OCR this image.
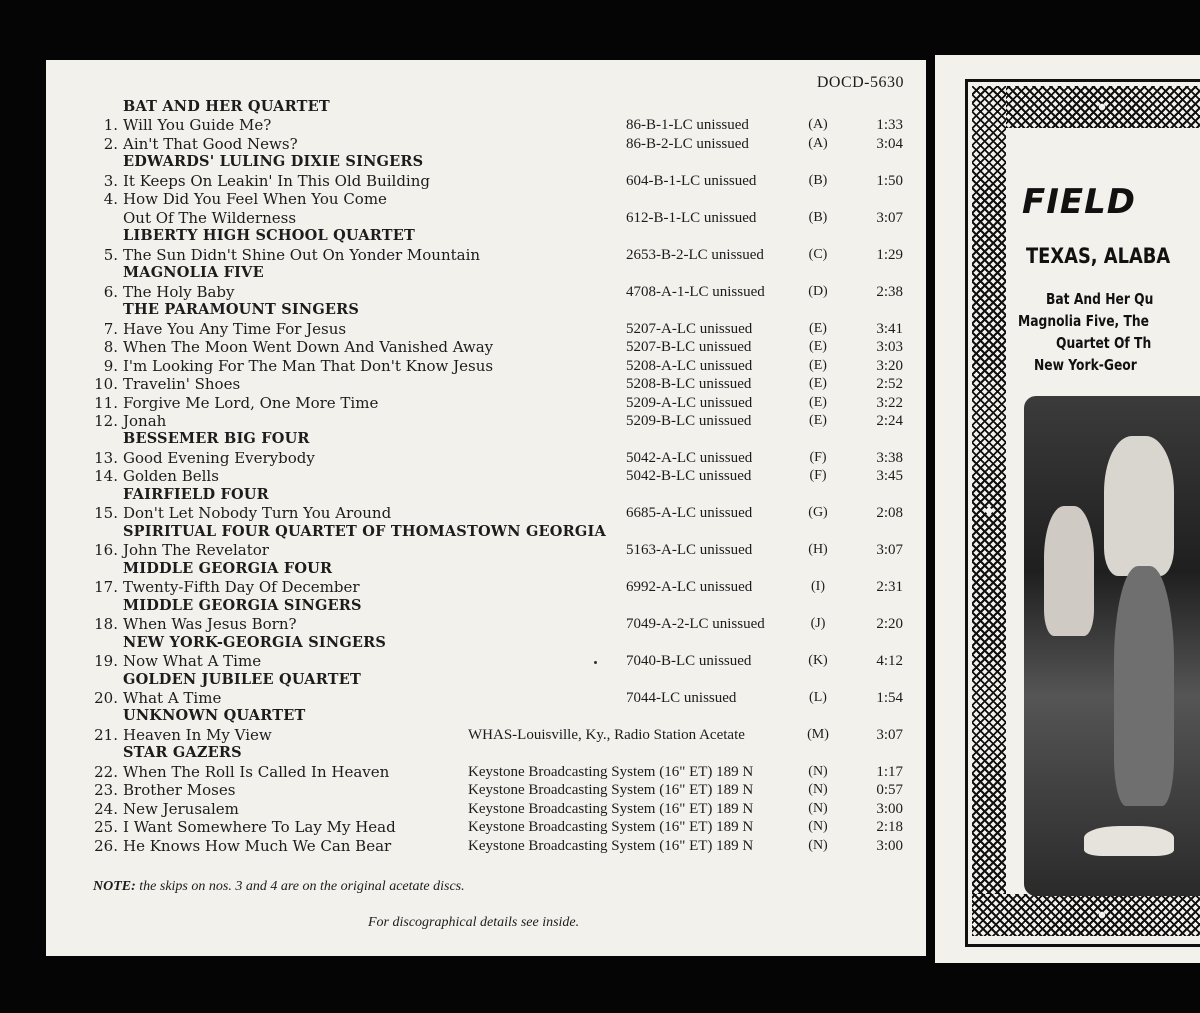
DOCD-5630
BAT AND HER QUARTET
1. Will You Guide Me?	86-B-1-LC unissued	(A)	1:33
2. Ain't That Good News?	86-B-2-LC unissued	(A)	3:04
EDWARDS' LULING DIXIE SINGERS
3. It Keeps On Leakin' In This Old Building	604-B-1-LC unissued	(B)	1:50
4. How Did You Feel When You Come
Out Of The Wilderness	612-B-1-LC unissued	(B)	3:07
LIBERTY HIGH SCHOOL QUARTET
5. The Sun Didn't Shine Out On Yonder Mountain	2653-B-2-LC unissued	(C)	1:29
MAGNOLIA FIVE
6. The Holy Baby	4708-A-1-LC unissued	(D)	2:38
THE PARAMOUNT SINGERS
7. Have You Any Time For Jesus	5207-A-LC unissued	(E)	3:41
8. When The Moon Went Down And Vanished Away	5207-B-LC unissued	(E)	3:03
9. I'm Looking For The Man That Don't Know Jesus	5208-A-LC unissued	(E)	3:20
10. Travelin' Shoes	5208-B-LC unissued	(E)	2:52
11. Forgive Me Lord, One More Time	5209-A-LC unissued	(E)	3:22
12. Jonah	5209-B-LC unissued	(E)	2:24
BESSEMER BIG FOUR
13. Good Evening Everybody	5042-A-LC unissued	(F)	3:38
14. Golden Bells	5042-B-LC unissued	(F)	3:45
FAIRFIELD FOUR
15. Don't Let Nobody Turn You Around	6685-A-LC unissued	(G)	2:08
SPIRITUAL FOUR QUARTET OF THOMASTOWN GEORGIA
16. John The Revelator	5163-A-LC unissued	(H)	3:07
MIDDLE GEORGIA FOUR
17. Twenty-Fifth Day Of December	6992-A-LC unissued	(I)	2:31
MIDDLE GEORGIA SINGERS
18. When Was Jesus Born?	7049-A-2-LC unissued	(J)	2:20
NEW YORK-GEORGIA SINGERS
19. Now What A Time	7040-B-LC unissued	(K)	4:12
GOLDEN JUBILEE QUARTET
20. What A Time	7044-LC unissued	(L)	1:54
UNKNOWN QUARTET
21. Heaven In My View	WHAS-Louisville, Ky., Radio Station Acetate	(M)	3:07
STAR GAZERS
22. When The Roll Is Called In Heaven	Keystone Broadcasting System (16" ET) 189 N	(N)	1:17
23. Brother Moses	Keystone Broadcasting System (16" ET) 189 N	(N)	0:57
24. New Jerusalem	Keystone Broadcasting System (16" ET) 189 N	(N)	3:00
25. I Want Somewhere To Lay My Head	Keystone Broadcasting System (16" ET) 189 N	(N)	2:18
26. He Knows How Much We Can Bear	Keystone Broadcasting System (16" ET) 189 N	(N)	3:00
NOTE: the skips on nos. 3 and 4 are on the original acetate discs.
For discographical details see inside.
FIELD
TEXAS, ALABA
Bat And Her Qu
Magnolia Five, The
Quartet Of Th
New York-Geor
